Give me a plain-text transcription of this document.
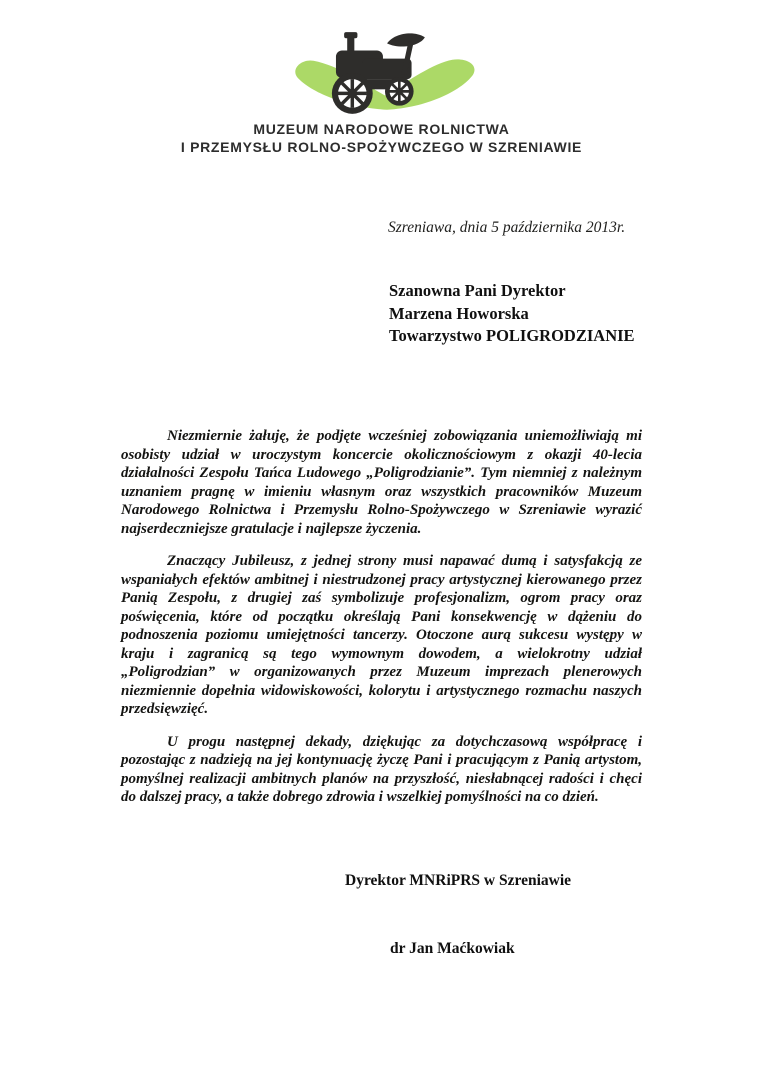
MUZEUM NARODOWE ROLNICTWA
I PRZEMYSŁU ROLNO-SPOŻYWCZEGO W SZRENIAWIE
Szreniawa, dnia 5 października 2013r.
Szanowna Pani Dyrektor
Marzena Howorska
Towarzystwo POLIGRODZIANIE

Niezmiernie żałuję, że podjęte wcześniej zobowiązania uniemożliwiają mi osobisty udział w uroczystym koncercie okolicznościowym z okazji 40-lecia działalności Zespołu Tańca Ludowego „Poligrodzianie”. Tym niemniej z należnym uznaniem pragnę w imieniu własnym oraz wszystkich pracowników Muzeum Narodowego Rolnictwa i Przemysłu Rolno-Spożywczego w Szreniawie wyrazić najserdeczniejsze gratulacje i najlepsze życzenia.

Znaczący Jubileusz, z jednej strony musi napawać dumą i satysfakcją ze wspaniałych efektów ambitnej i niestrudzonej pracy artystycznej kierowanego przez Panią Zespołu, z drugiej zaś symbolizuje profesjonalizm, ogrom pracy oraz poświęcenia, które od początku określają Pani konsekwencję w dążeniu do podnoszenia poziomu umiejętności tancerzy. Otoczone aurą sukcesu występy w kraju i zagranicą są tego wymownym dowodem, a wielokrotny udział „Poligrodzian” w organizowanych przez Muzeum imprezach plenerowych niezmiennie dopełnia widowiskowości, kolorytu i artystycznego rozmachu naszych przedsięwzięć.

U progu następnej dekady, dziękując za dotychczasową współpracę i pozostając z nadzieją na jej kontynuację życzę Pani i pracującym z Panią artystom, pomyślnej realizacji ambitnych planów na przyszłość, niesłabnącej radości i chęci do dalszej pracy, a także dobrego zdrowia i wszelkiej pomyślności na co dzień.

Dyrektor MNRiPRS w Szreniawie
dr Jan Maćkowiak
